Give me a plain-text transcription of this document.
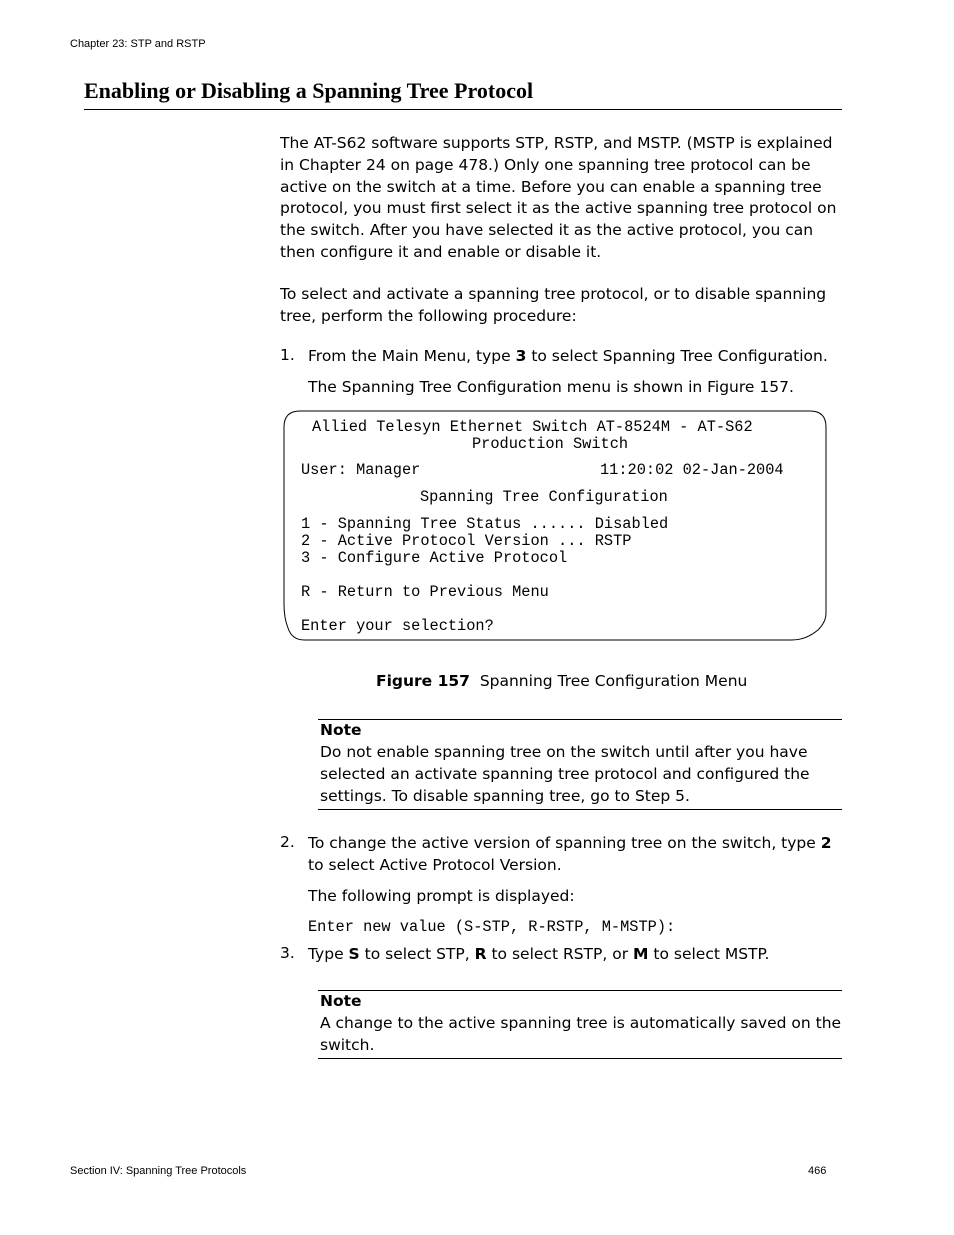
Chapter 23: STP and RSTP
Enabling or Disabling a Spanning Tree Protocol
The AT-S62 software supports STP, RSTP, and MSTP. (MSTP is explained in Chapter 24 on page 478.) Only one spanning tree protocol can be active on the switch at a time. Before you can enable a spanning tree protocol, you must first select it as the active spanning tree protocol on the switch. After you have selected it as the active protocol, you can then configure it and enable or disable it.
To select and activate a spanning tree protocol, or to disable spanning tree, perform the following procedure:
1. From the Main Menu, type 3 to select Spanning Tree Configuration.
The Spanning Tree Configuration menu is shown in Figure 157.
Allied Telesyn Ethernet Switch AT-8524M - AT-S62
Production Switch
User: Manager	11:20:02 02-Jan-2004
Spanning Tree Configuration
1 - Spanning Tree Status ...... Disabled
2 - Active Protocol Version ... RSTP
3 - Configure Active Protocol
R - Return to Previous Menu
Enter your selection?
Figure 157 Spanning Tree Configuration Menu
Note
Do not enable spanning tree on the switch until after you have selected an activate spanning tree protocol and configured the settings. To disable spanning tree, go to Step 5.
2. To change the active version of spanning tree on the switch, type 2 to select Active Protocol Version.
The following prompt is displayed:
Enter new value (S-STP, R-RSTP, M-MSTP):
3. Type S to select STP, R to select RSTP, or M to select MSTP.
Note
A change to the active spanning tree is automatically saved on the switch.
Section IV: Spanning Tree Protocols	466
